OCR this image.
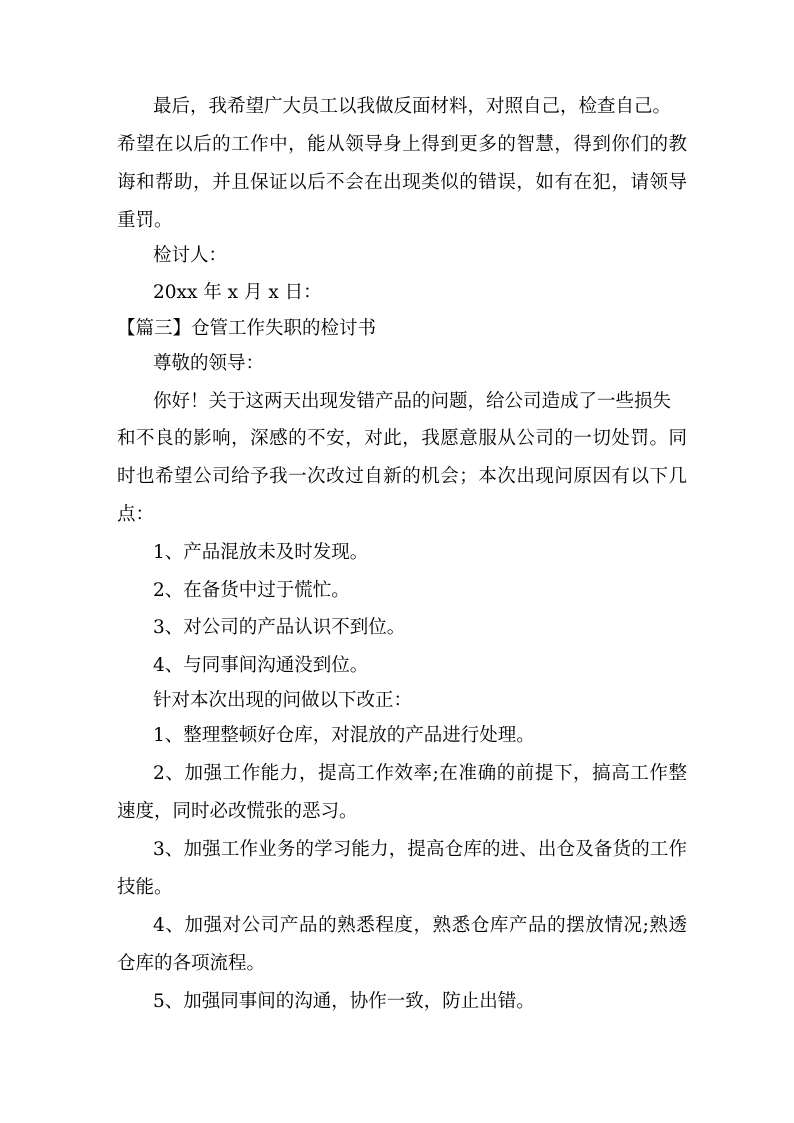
最后，我希望广大员工以我做反面材料，对照自己，检查自己。
希望在以后的工作中，能从领导身上得到更多的智慧，得到你们的教
诲和帮助，并且保证以后不会在出现类似的错误，如有在犯，请领导
重罚。
检讨人：
20xx 年 x 月 x 日：
【篇三】仓管工作失职的检讨书
尊敬的领导：
你好！关于这两天出现发错产品的问题，给公司造成了一些损失
和不良的影响，深感的不安，对此，我愿意服从公司的一切处罚。同
时也希望公司给予我一次改过自新的机会；本次出现问原因有以下几
点：
1、产品混放未及时发现。
2、在备货中过于慌忙。
3、对公司的产品认识不到位。
4、与同事间沟通没到位。
针对本次出现的问做以下改正：
1、整理整顿好仓库，对混放的产品进行处理。
2、加强工作能力，提高工作效率;在准确的前提下，搞高工作整
速度，同时必改慌张的恶习。
3、加强工作业务的学习能力，提高仓库的进、出仓及备货的工作
技能。
4、加强对公司产品的熟悉程度，熟悉仓库产品的摆放情况;熟透
仓库的各项流程。
5、加强同事间的沟通，协作一致，防止出错。
